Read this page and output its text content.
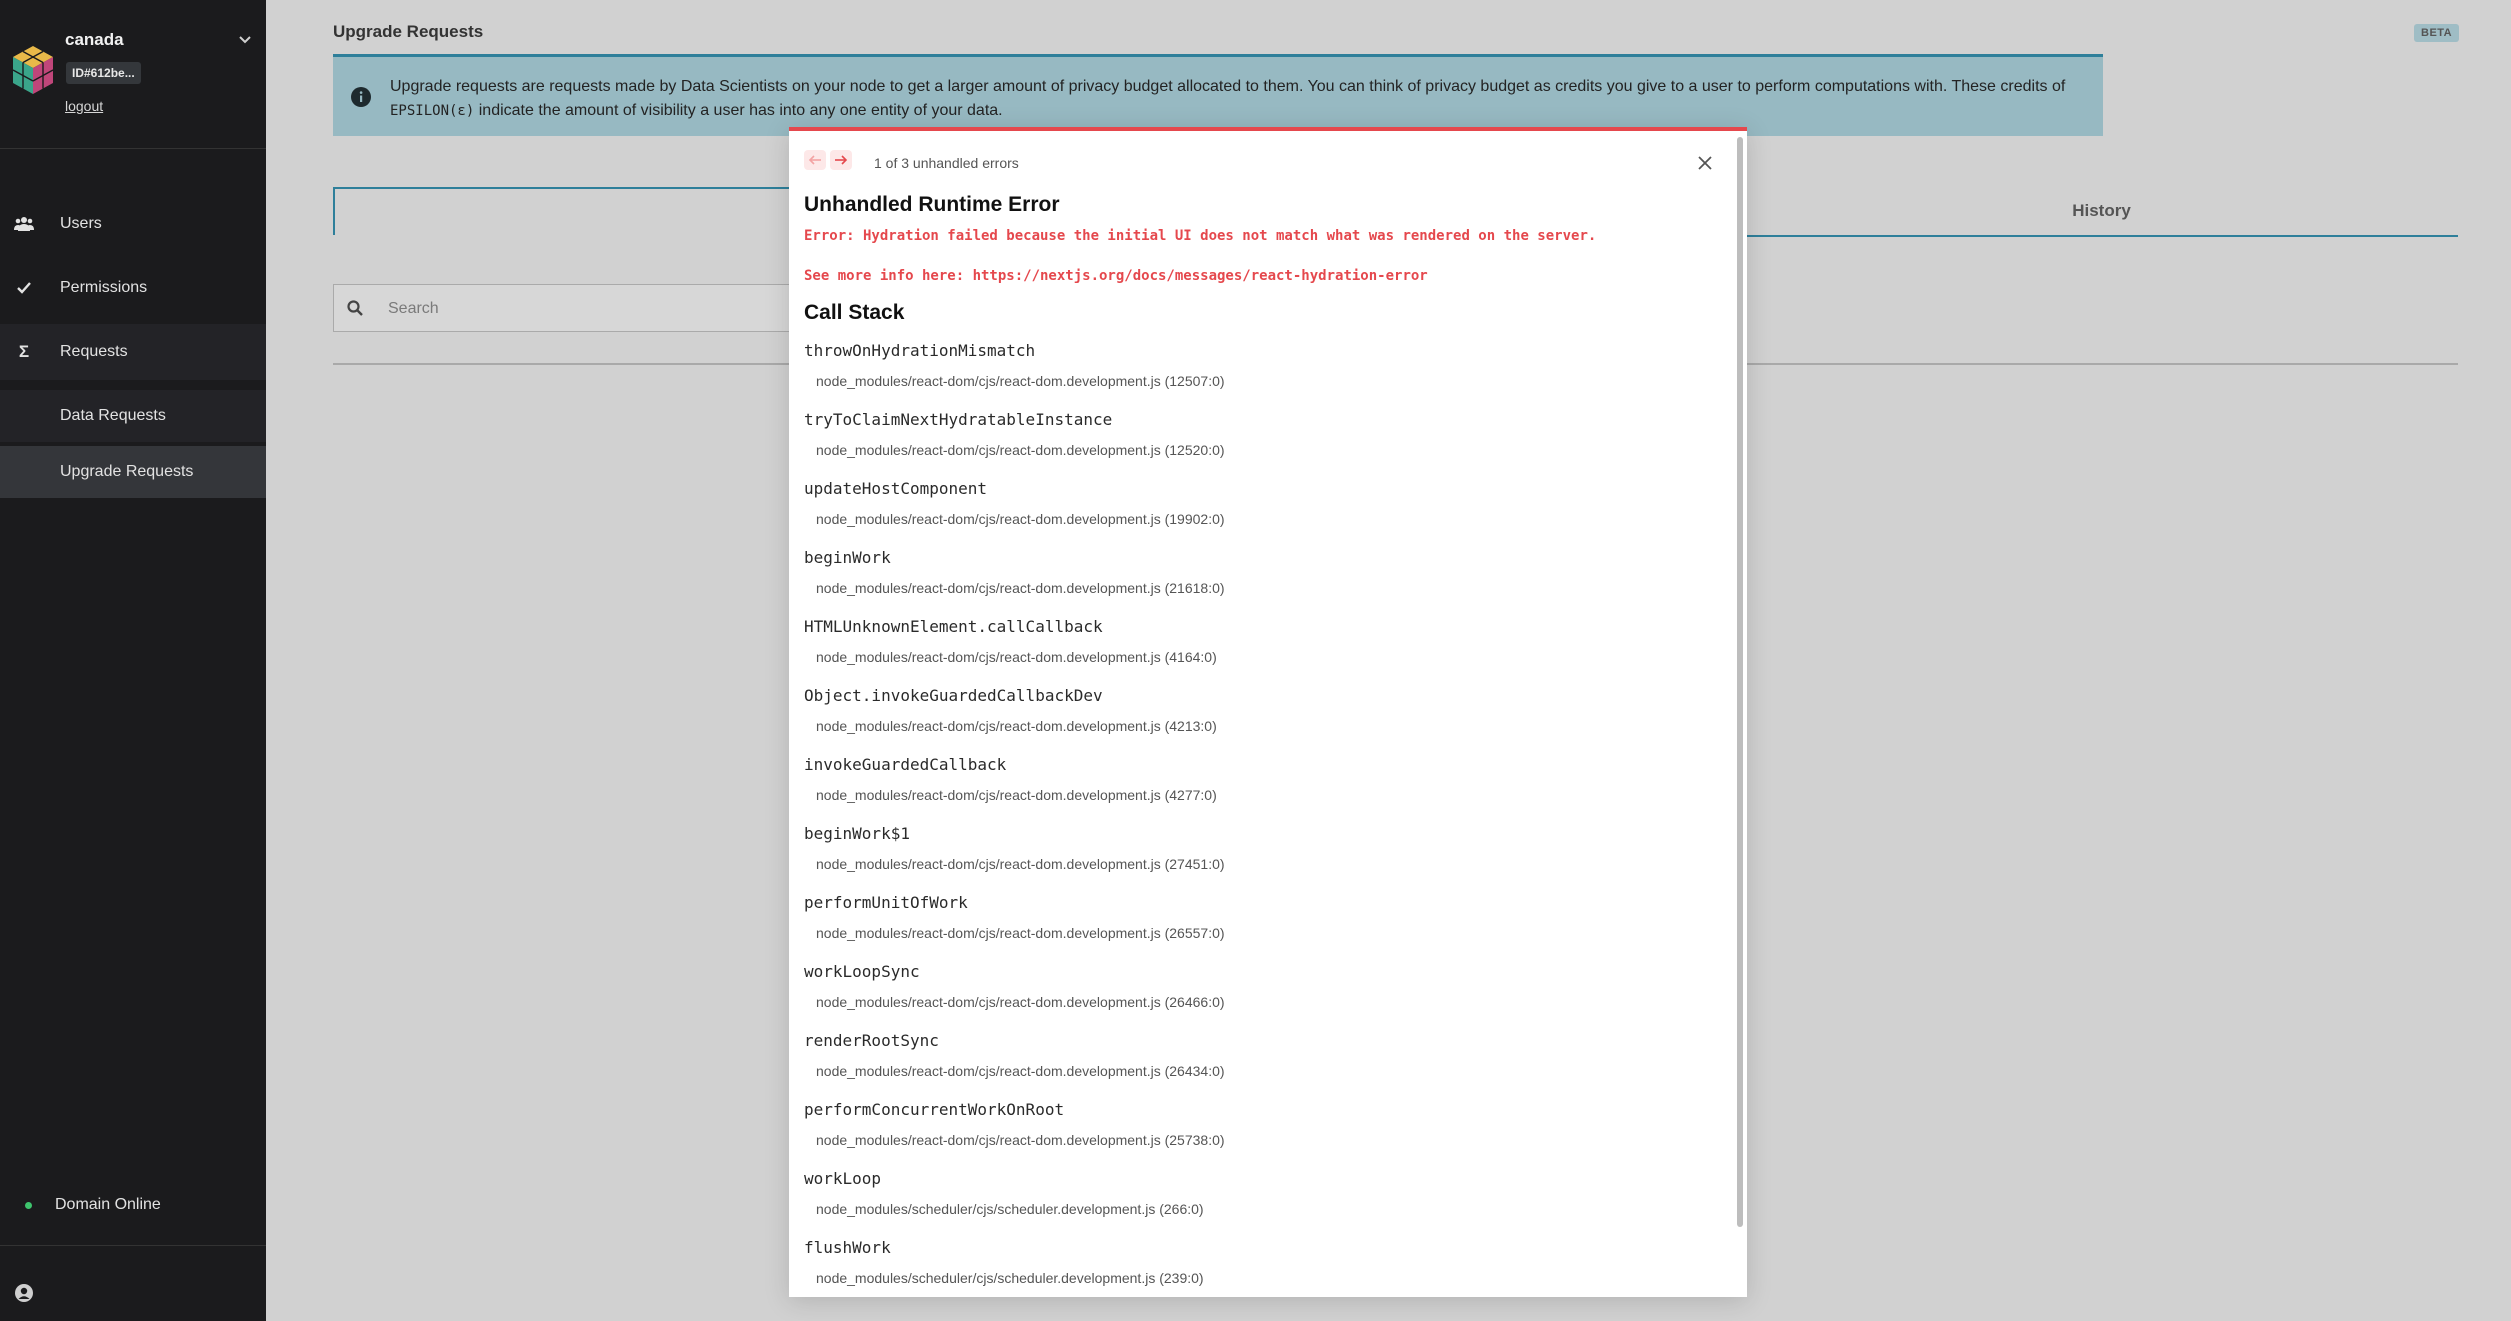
canada
ID#612be...
logout
Users
Permissions
Σ	Requests
Data Requests
Upgrade Requests
Domain Online
Upgrade Requests	BETA
Upgrade requests are requests made by Data Scientists on your node to get a larger amount of privacy budget allocated to them. You can think of privacy budget as credits you give to a user to perform computations with. These credits of EPSILON(ɛ) indicate the amount of visibility a user has into any one entity of your data.
History
Search
1 of 3 unhandled errors
Unhandled Runtime Error
Error: Hydration failed because the initial UI does not match what was rendered on the server.
See more info here: https://nextjs.org/docs/messages/react-hydration-error
Call Stack
throwOnHydrationMismatch
node_modules/react-dom/cjs/react-dom.development.js (12507:0)
tryToClaimNextHydratableInstance
node_modules/react-dom/cjs/react-dom.development.js (12520:0)
updateHostComponent
node_modules/react-dom/cjs/react-dom.development.js (19902:0)
beginWork
node_modules/react-dom/cjs/react-dom.development.js (21618:0)
HTMLUnknownElement.callCallback
node_modules/react-dom/cjs/react-dom.development.js (4164:0)
Object.invokeGuardedCallbackDev
node_modules/react-dom/cjs/react-dom.development.js (4213:0)
invokeGuardedCallback
node_modules/react-dom/cjs/react-dom.development.js (4277:0)
beginWork$1
node_modules/react-dom/cjs/react-dom.development.js (27451:0)
performUnitOfWork
node_modules/react-dom/cjs/react-dom.development.js (26557:0)
workLoopSync
node_modules/react-dom/cjs/react-dom.development.js (26466:0)
renderRootSync
node_modules/react-dom/cjs/react-dom.development.js (26434:0)
performConcurrentWorkOnRoot
node_modules/react-dom/cjs/react-dom.development.js (25738:0)
workLoop
node_modules/scheduler/cjs/scheduler.development.js (266:0)
flushWork
node_modules/scheduler/cjs/scheduler.development.js (239:0)
